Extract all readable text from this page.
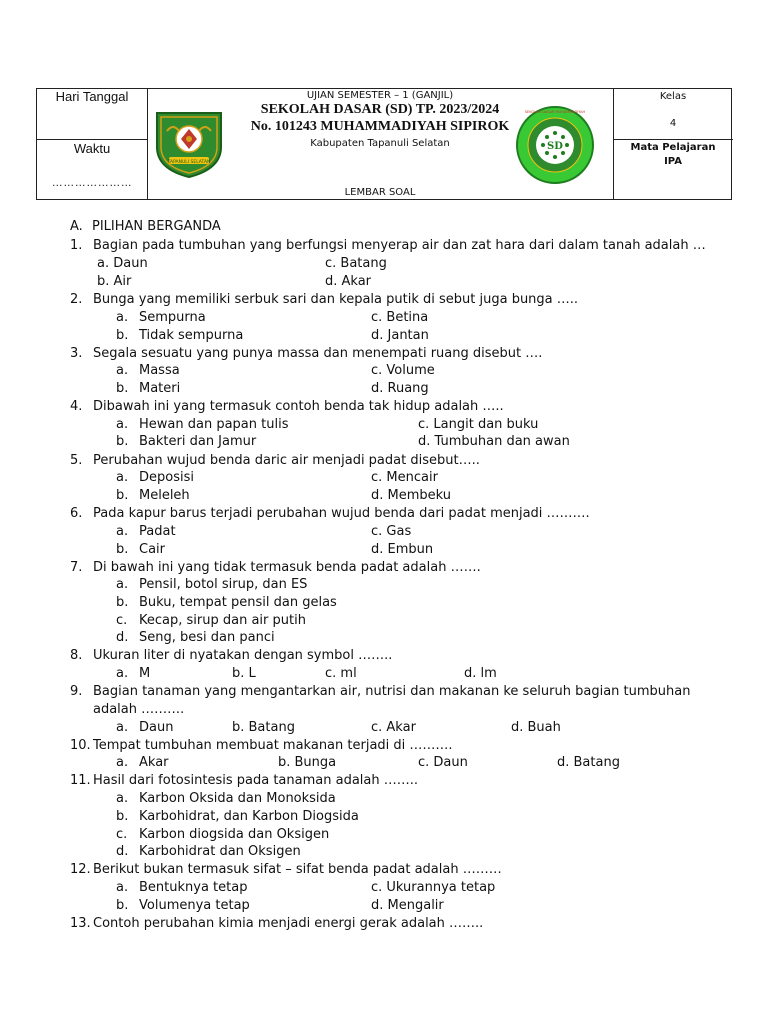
Hari Tanggal
Waktu
…………………
UJIAN SEMESTER – 1 (GANJIL)
SEKOLAH DASAR (SD) TP. 2023/2024
No. 101243 MUHAMMADIYAH SIPIROK
Kabupaten Tapanuli Selatan
LEMBAR SOAL
TAPANULI SELATAN
SD
SEKOLAH DASAR MUHAMMADIYAH
Kelas
4
Mata Pelajaran
IPA
A. PILIHAN BERGANDA
1. Bagian pada tumbuhan yang berfungsi menyerap air dan zat hara dari dalam tanah adalah …
a. Daun	c. Batang
b. Air	d. Akar
2. Bunga yang memiliki serbuk sari dan kepala putik di sebut juga bunga …..
a. Sempurna	c. Betina
b. Tidak sempurna	d. Jantan
3. Segala sesuatu yang punya massa dan menempati ruang disebut ….
a. Massa	c. Volume
b. Materi	d. Ruang
4. Dibawah ini yang termasuk contoh benda tak hidup adalah …..
a. Hewan dan papan tulis	c. Langit dan buku
b. Bakteri dan Jamur	d. Tumbuhan dan awan
5. Perubahan wujud benda daric air menjadi padat disebut…..
a. Deposisi	c. Mencair
b. Meleleh	d. Membeku
6. Pada kapur barus terjadi perubahan wujud benda dari padat menjadi ……….
a. Padat	c. Gas
b. Cair	d. Embun
7. Di bawah ini yang tidak termasuk benda padat adalah …….
a. Pensil, botol sirup, dan ES
b. Buku, tempat pensil dan gelas
c. Kecap, sirup dan air putih
d. Seng, besi dan panci
8. Ukuran liter di nyatakan dengan symbol ……..
a. M	b. L	c. ml	d. lm
9. Bagian tanaman yang mengantarkan air, nutrisi dan makanan ke seluruh bagian tumbuhan
adalah ……….
a. Daun	b. Batang	c. Akar	d. Buah
10. Tempat tumbuhan membuat makanan terjadi di ……….
a. Akar	b. Bunga	c. Daun	d. Batang
11. Hasil dari fotosintesis pada tanaman adalah ……..
a. Karbon Oksida dan Monoksida
b. Karbohidrat, dan Karbon Diogsida
c. Karbon diogsida dan Oksigen
d. Karbohidrat dan Oksigen
12. Berikut bukan termasuk sifat – sifat benda padat adalah ………
a. Bentuknya tetap	c. Ukurannya tetap
b. Volumenya tetap	d. Mengalir
13. Contoh perubahan kimia menjadi energi gerak adalah ……..
